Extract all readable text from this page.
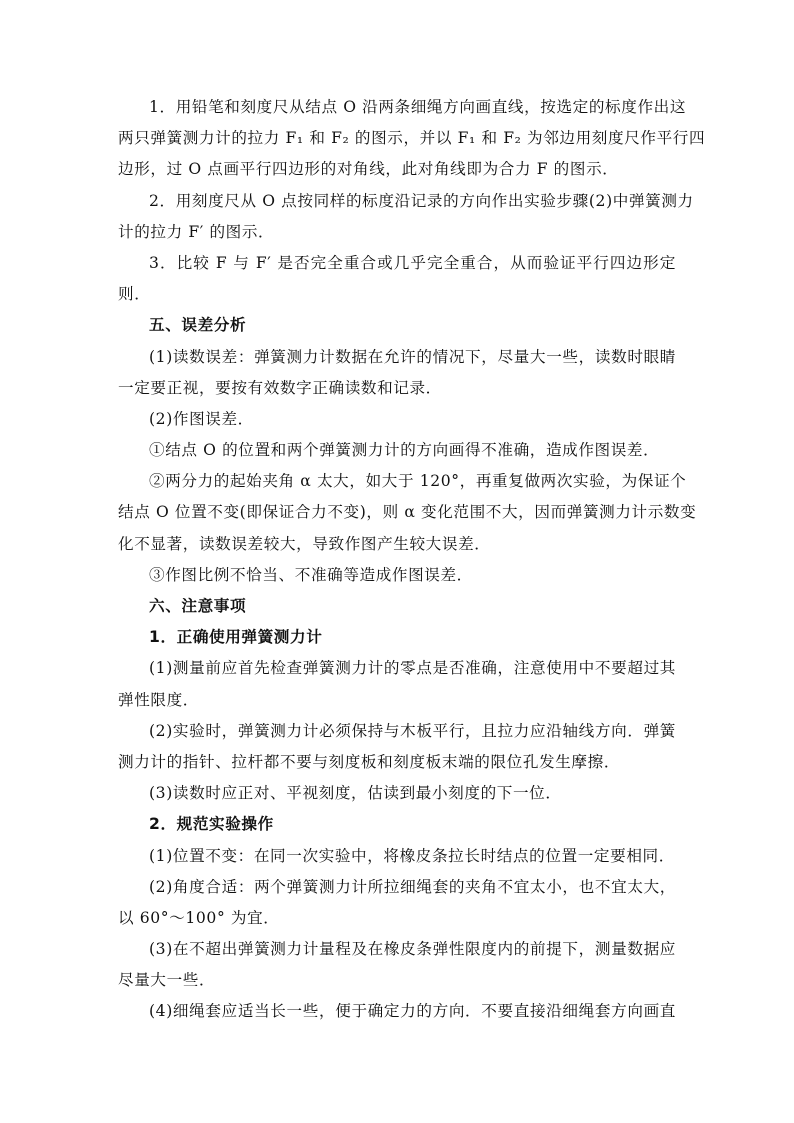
1．用铅笔和刻度尺从结点 O 沿两条细绳方向画直线，按选定的标度作出这
两只弹簧测力计的拉力 F₁ 和 F₂ 的图示，并以 F₁ 和 F₂ 为邻边用刻度尺作平行四
边形，过 O 点画平行四边形的对角线，此对角线即为合力 F 的图示．
2．用刻度尺从 O 点按同样的标度沿记录的方向作出实验步骤(2)中弹簧测力
计的拉力 F′ 的图示．
3．比较 F 与 F′ 是否完全重合或几乎完全重合，从而验证平行四边形定
则．
五、误差分析
(1)读数误差：弹簧测力计数据在允许的情况下，尽量大一些，读数时眼睛
一定要正视，要按有效数字正确读数和记录．
(2)作图误差．
①结点 O 的位置和两个弹簧测力计的方向画得不准确，造成作图误差．
②两分力的起始夹角 α 太大，如大于 120°，再重复做两次实验，为保证个
结点 O 位置不变(即保证合力不变)，则 α 变化范围不大，因而弹簧测力计示数变
化不显著，读数误差较大，导致作图产生较大误差．
③作图比例不恰当、不准确等造成作图误差．
六、注意事项
1．正确使用弹簧测力计
(1)测量前应首先检查弹簧测力计的零点是否准确，注意使用中不要超过其
弹性限度．
(2)实验时，弹簧测力计必须保持与木板平行，且拉力应沿轴线方向．弹簧
测力计的指针、拉杆都不要与刻度板和刻度板末端的限位孔发生摩擦．
(3)读数时应正对、平视刻度，估读到最小刻度的下一位．
2．规范实验操作
(1)位置不变：在同一次实验中，将橡皮条拉长时结点的位置一定要相同．
(2)角度合适：两个弹簧测力计所拉细绳套的夹角不宜太小，也不宜太大，
以 60°～100° 为宜．
(3)在不超出弹簧测力计量程及在橡皮条弹性限度内的前提下，测量数据应
尽量大一些．
(4)细绳套应适当长一些，便于确定力的方向．不要直接沿细绳套方向画直
